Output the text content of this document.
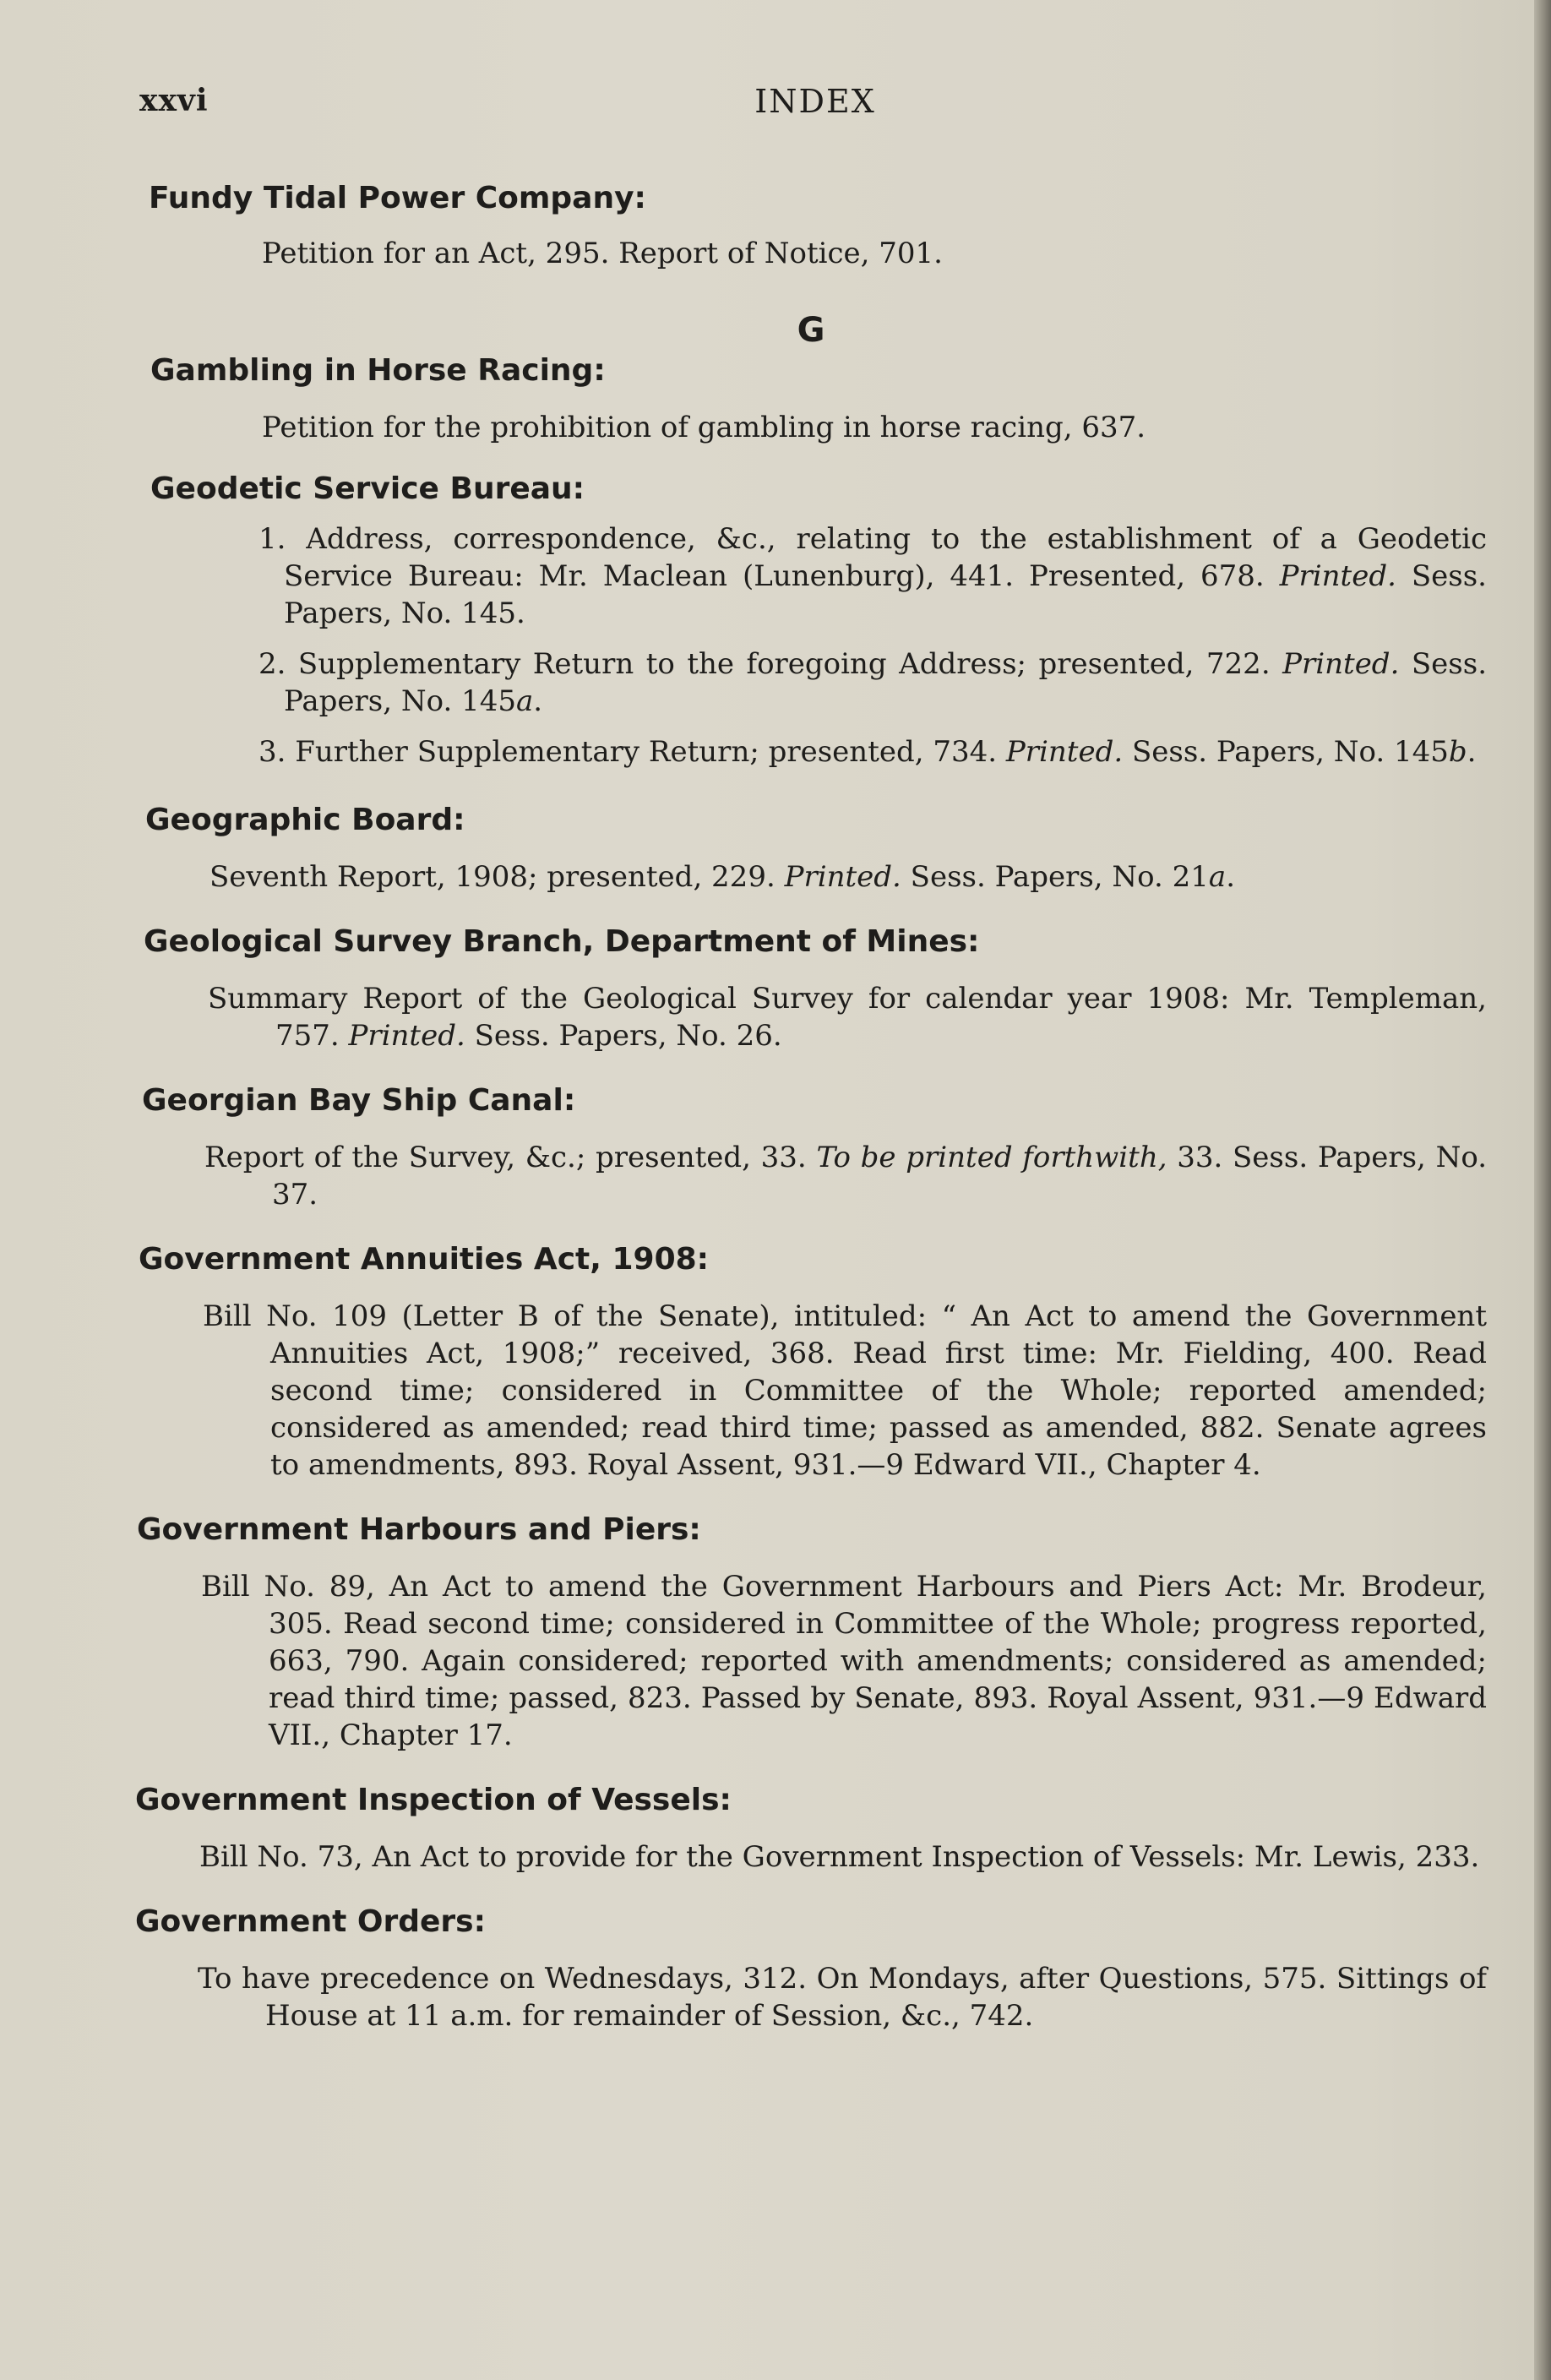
INDEX
xxvi

Fundy Tidal Power Company:

Petition for an Act, 295. Report of Notice, 701.

G

Gambling in Horse Racing:

Petition for the prohibition of gambling in horse racing, 637.

Geodetic Service Bureau:

1. Address, correspondence, &c., relating to the establishment of a Geodetic Service Bureau: Mr. Maclean (Lunenburg), 441. Presented, 678. Printed. Sess. Papers, No. 145.

2. Supplementary Return to the foregoing Address; presented, 722. Printed. Sess. Papers, No. 145a.

3. Further Supplementary Return; presented, 734. Printed. Sess. Papers, No. 145b.

Geographic Board:

Seventh Report, 1908; presented, 229. Printed. Sess. Papers, No. 21a.

Geological Survey Branch, Department of Mines:

Summary Report of the Geological Survey for calendar year 1908: Mr. Templeman, 757. Printed. Sess. Papers, No. 26.

Georgian Bay Ship Canal:

Report of the Survey, &c.; presented, 33. To be printed forthwith, 33. Sess. Papers, No. 37.

Government Annuities Act, 1908:

Bill No. 109 (Letter B of the Senate), intituled: “ An Act to amend the Government Annuities Act, 1908;” received, 368. Read first time: Mr. Fielding, 400. Read second time; considered in Committee of the Whole; reported amended; considered as amended; read third time; passed as amended, 882. Senate agrees to amendments, 893. Royal Assent, 931.—9 Edward VII., Chapter 4.

Government Harbours and Piers:

Bill No. 89, An Act to amend the Government Harbours and Piers Act: Mr. Brodeur, 305. Read second time; considered in Committee of the Whole; progress reported, 663, 790. Again considered; reported with amendments; considered as amended; read third time; passed, 823. Passed by Senate, 893. Royal Assent, 931.—9 Edward VII., Chapter 17.

Government Inspection of Vessels:

Bill No. 73, An Act to provide for the Government Inspection of Vessels: Mr. Lewis, 233.

Government Orders:

To have precedence on Wednesdays, 312. On Mondays, after Questions, 575. Sittings of House at 11 a.m. for remainder of Session, &c., 742.
